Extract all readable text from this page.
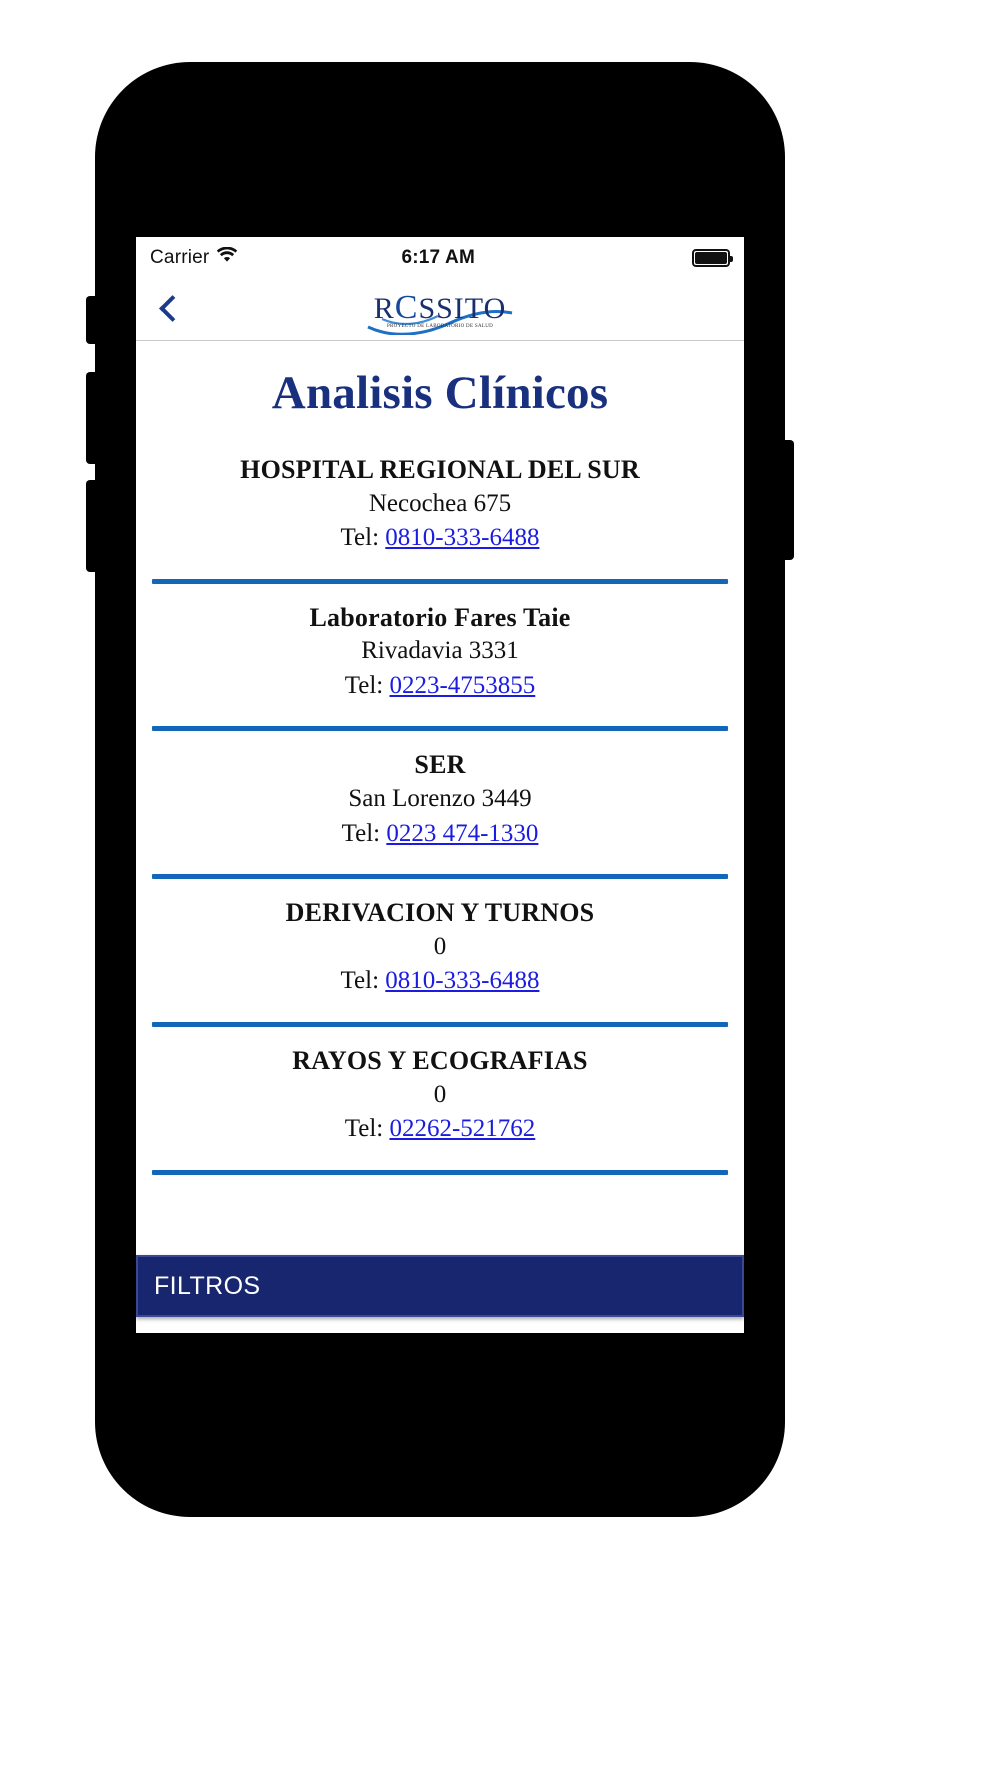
Carrier	6:17 AM
RCSSITO
PROYECTO DE LABORATORIO DE SALUD
Analisis Clínicos
HOSPITAL REGIONAL DEL SUR
Necochea 675
Tel: 0810-333-6488
Laboratorio Fares Taie
Rivadavia 3331
Tel: 0223-4753855
SER
San Lorenzo 3449
Tel: 0223 474-1330
DERIVACION Y TURNOS
0
Tel: 0810-333-6488
RAYOS Y ECOGRAFIAS
0
Tel: 02262-521762
FILTROS
